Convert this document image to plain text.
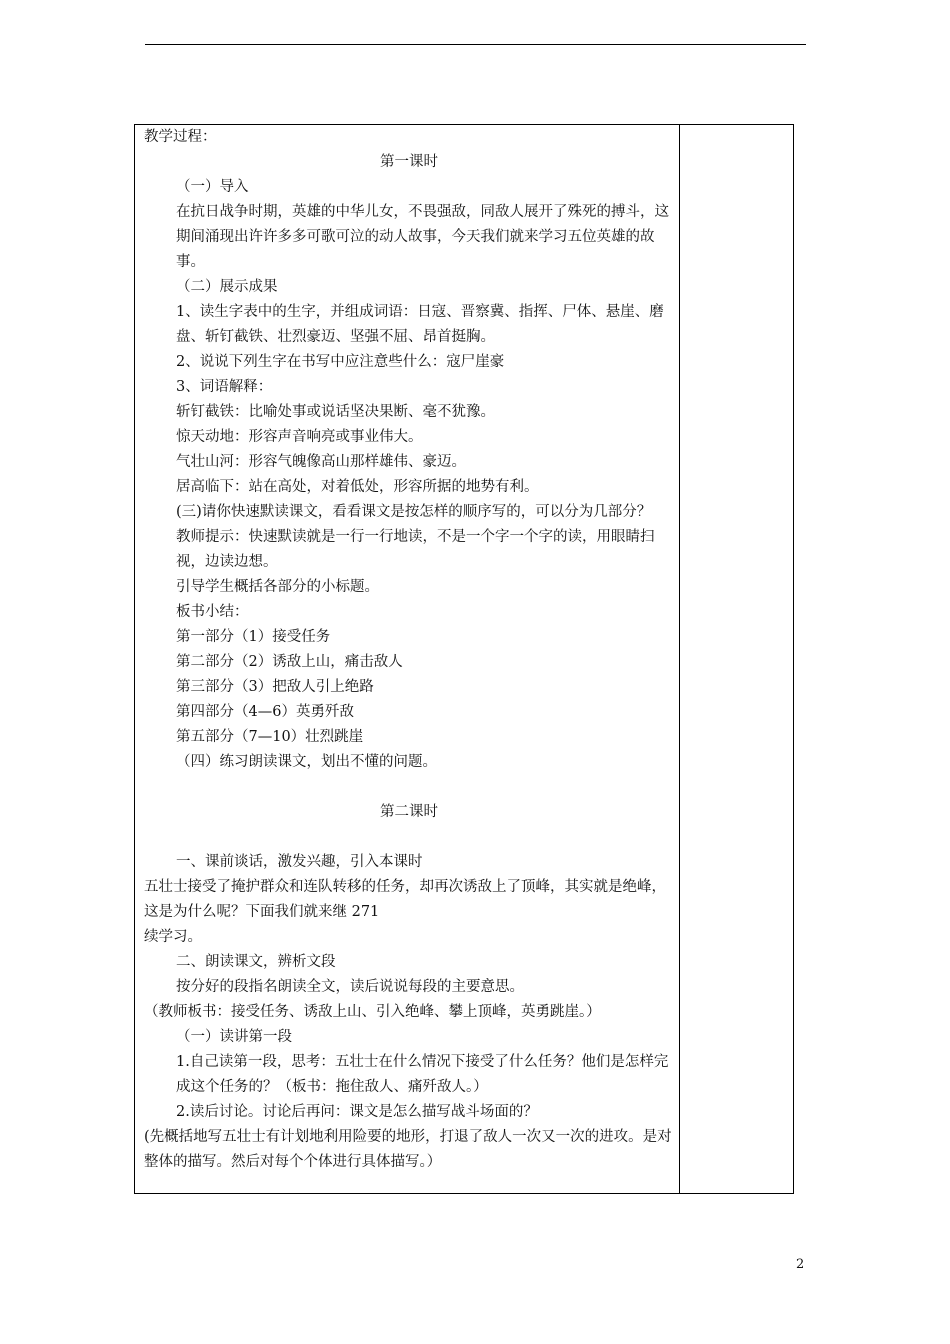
教学过程：
第一课时
（一）导入
在抗日战争时期，英雄的中华儿女，不畏强敌，同敌人展开了殊死的搏斗，这期间涌现出许许多多可歌可泣的动人故事，今天我们就来学习五位英雄的故事。
（二）展示成果
1、读生字表中的生字，并组成词语：日寇、晋察冀、指挥、尸体、悬崖、磨盘、斩钉截铁、壮烈豪迈、坚强不屈、昂首挺胸。
2、说说下列生字在书写中应注意些什么：寇尸崖豪
3、词语解释：
斩钉截铁：比喻处事或说话坚决果断、毫不犹豫。
惊天动地：形容声音响亮或事业伟大。
气壮山河：形容气魄像高山那样雄伟、豪迈。
居高临下：站在高处，对着低处，形容所据的地势有利。
(三)请你快速默读课文，看看课文是按怎样的顺序写的，可以分为几部分？
教师提示：快速默读就是一行一行地读，不是一个字一个字的读，用眼睛扫视，边读边想。
引导学生概括各部分的小标题。
板书小结：
第一部分（1）接受任务
第二部分（2）诱敌上山，痛击敌人
第三部分（3）把敌人引上绝路
第四部分（4—6）英勇歼敌
第五部分（7—10）壮烈跳崖
（四）练习朗读课文，划出不懂的问题。
第二课时
一、课前谈话，激发兴趣，引入本课时
五壮士接受了掩护群众和连队转移的任务，却再次诱敌上了顶峰，其实就是绝峰，这是为什么呢？下面我们就来继 271
续学习。
二、朗读课文，辨析文段
按分好的段指名朗读全文，读后说说每段的主要意思。
（教师板书：接受任务、诱敌上山、引入绝峰、攀上顶峰，英勇跳崖。）
（一）读讲第一段
1.自己读第一段，思考：五壮士在什么情况下接受了什么任务？他们是怎样完成这个任务的？（板书：拖住敌人、痛歼敌人。）
2.读后讨论。讨论后再问：课文是怎么描写战斗场面的？
(先概括地写五壮士有计划地利用险要的地形，打退了敌人一次又一次的进攻。是对整体的描写。然后对每个个体进行具体描写。）
2
